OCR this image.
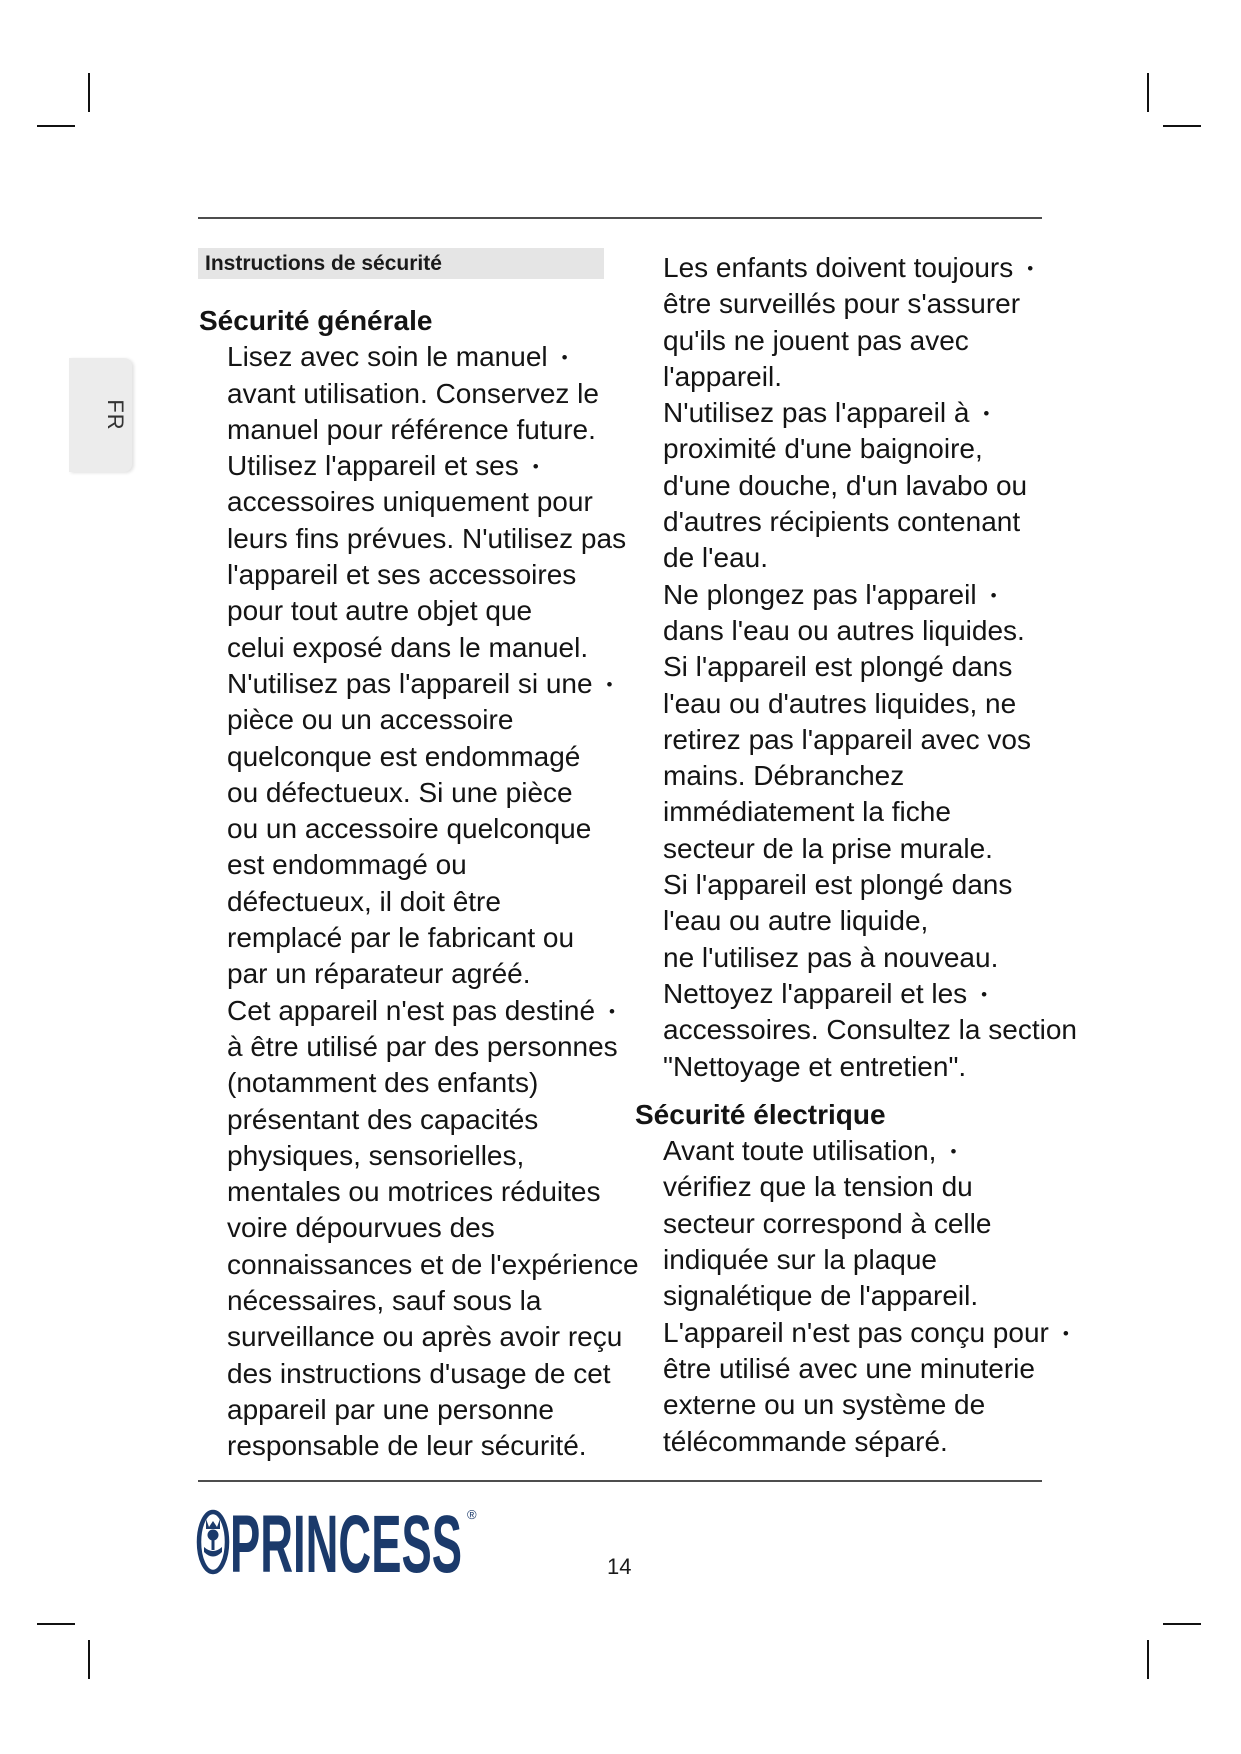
FR
Instructions de sécurité
Sécurité générale
Lisez avec soin le manuel •
avant utilisation. Conservez le
manuel pour référence future.
Utilisez l'appareil et ses •
accessoires uniquement pour
leurs fins prévues. N'utilisez pas
l'appareil et ses accessoires
pour tout autre objet que
celui exposé dans le manuel.
N'utilisez pas l'appareil si une •
pièce ou un accessoire
quelconque est endommagé
ou défectueux. Si une pièce
ou un accessoire quelconque
est endommagé ou
défectueux, il doit être
remplacé par le fabricant ou
par un réparateur agréé.
Cet appareil n'est pas destiné •
à être utilisé par des personnes
(notamment des enfants)
présentant des capacités
physiques, sensorielles,
mentales ou motrices réduites
voire dépourvues des
connaissances et de l'expérience
nécessaires, sauf sous la
surveillance ou après avoir reçu
des instructions d'usage de cet
appareil par une personne
responsable de leur sécurité.
Les enfants doivent toujours •
être surveillés pour s'assurer
qu'ils ne jouent pas avec
l'appareil.
N'utilisez pas l'appareil à •
proximité d'une baignoire,
d'une douche, d'un lavabo ou
d'autres récipients contenant
de l'eau.
Ne plongez pas l'appareil •
dans l'eau ou autres liquides.
Si l'appareil est plongé dans
l'eau ou d'autres liquides, ne
retirez pas l'appareil avec vos
mains. Débranchez
immédiatement la fiche
secteur de la prise murale.
Si l'appareil est plongé dans
l'eau ou autre liquide,
ne l'utilisez pas à nouveau.
Nettoyez l'appareil et les •
accessoires. Consultez la section
"Nettoyage et entretien".
Sécurité électrique
Avant toute utilisation, •
vérifiez que la tension du
secteur correspond à celle
indiquée sur la plaque
signalétique de l'appareil.
L'appareil n'est pas conçu pour •
être utilisé avec une minuterie
externe ou un système de
télécommande séparé.
PRINCESS ®
14
